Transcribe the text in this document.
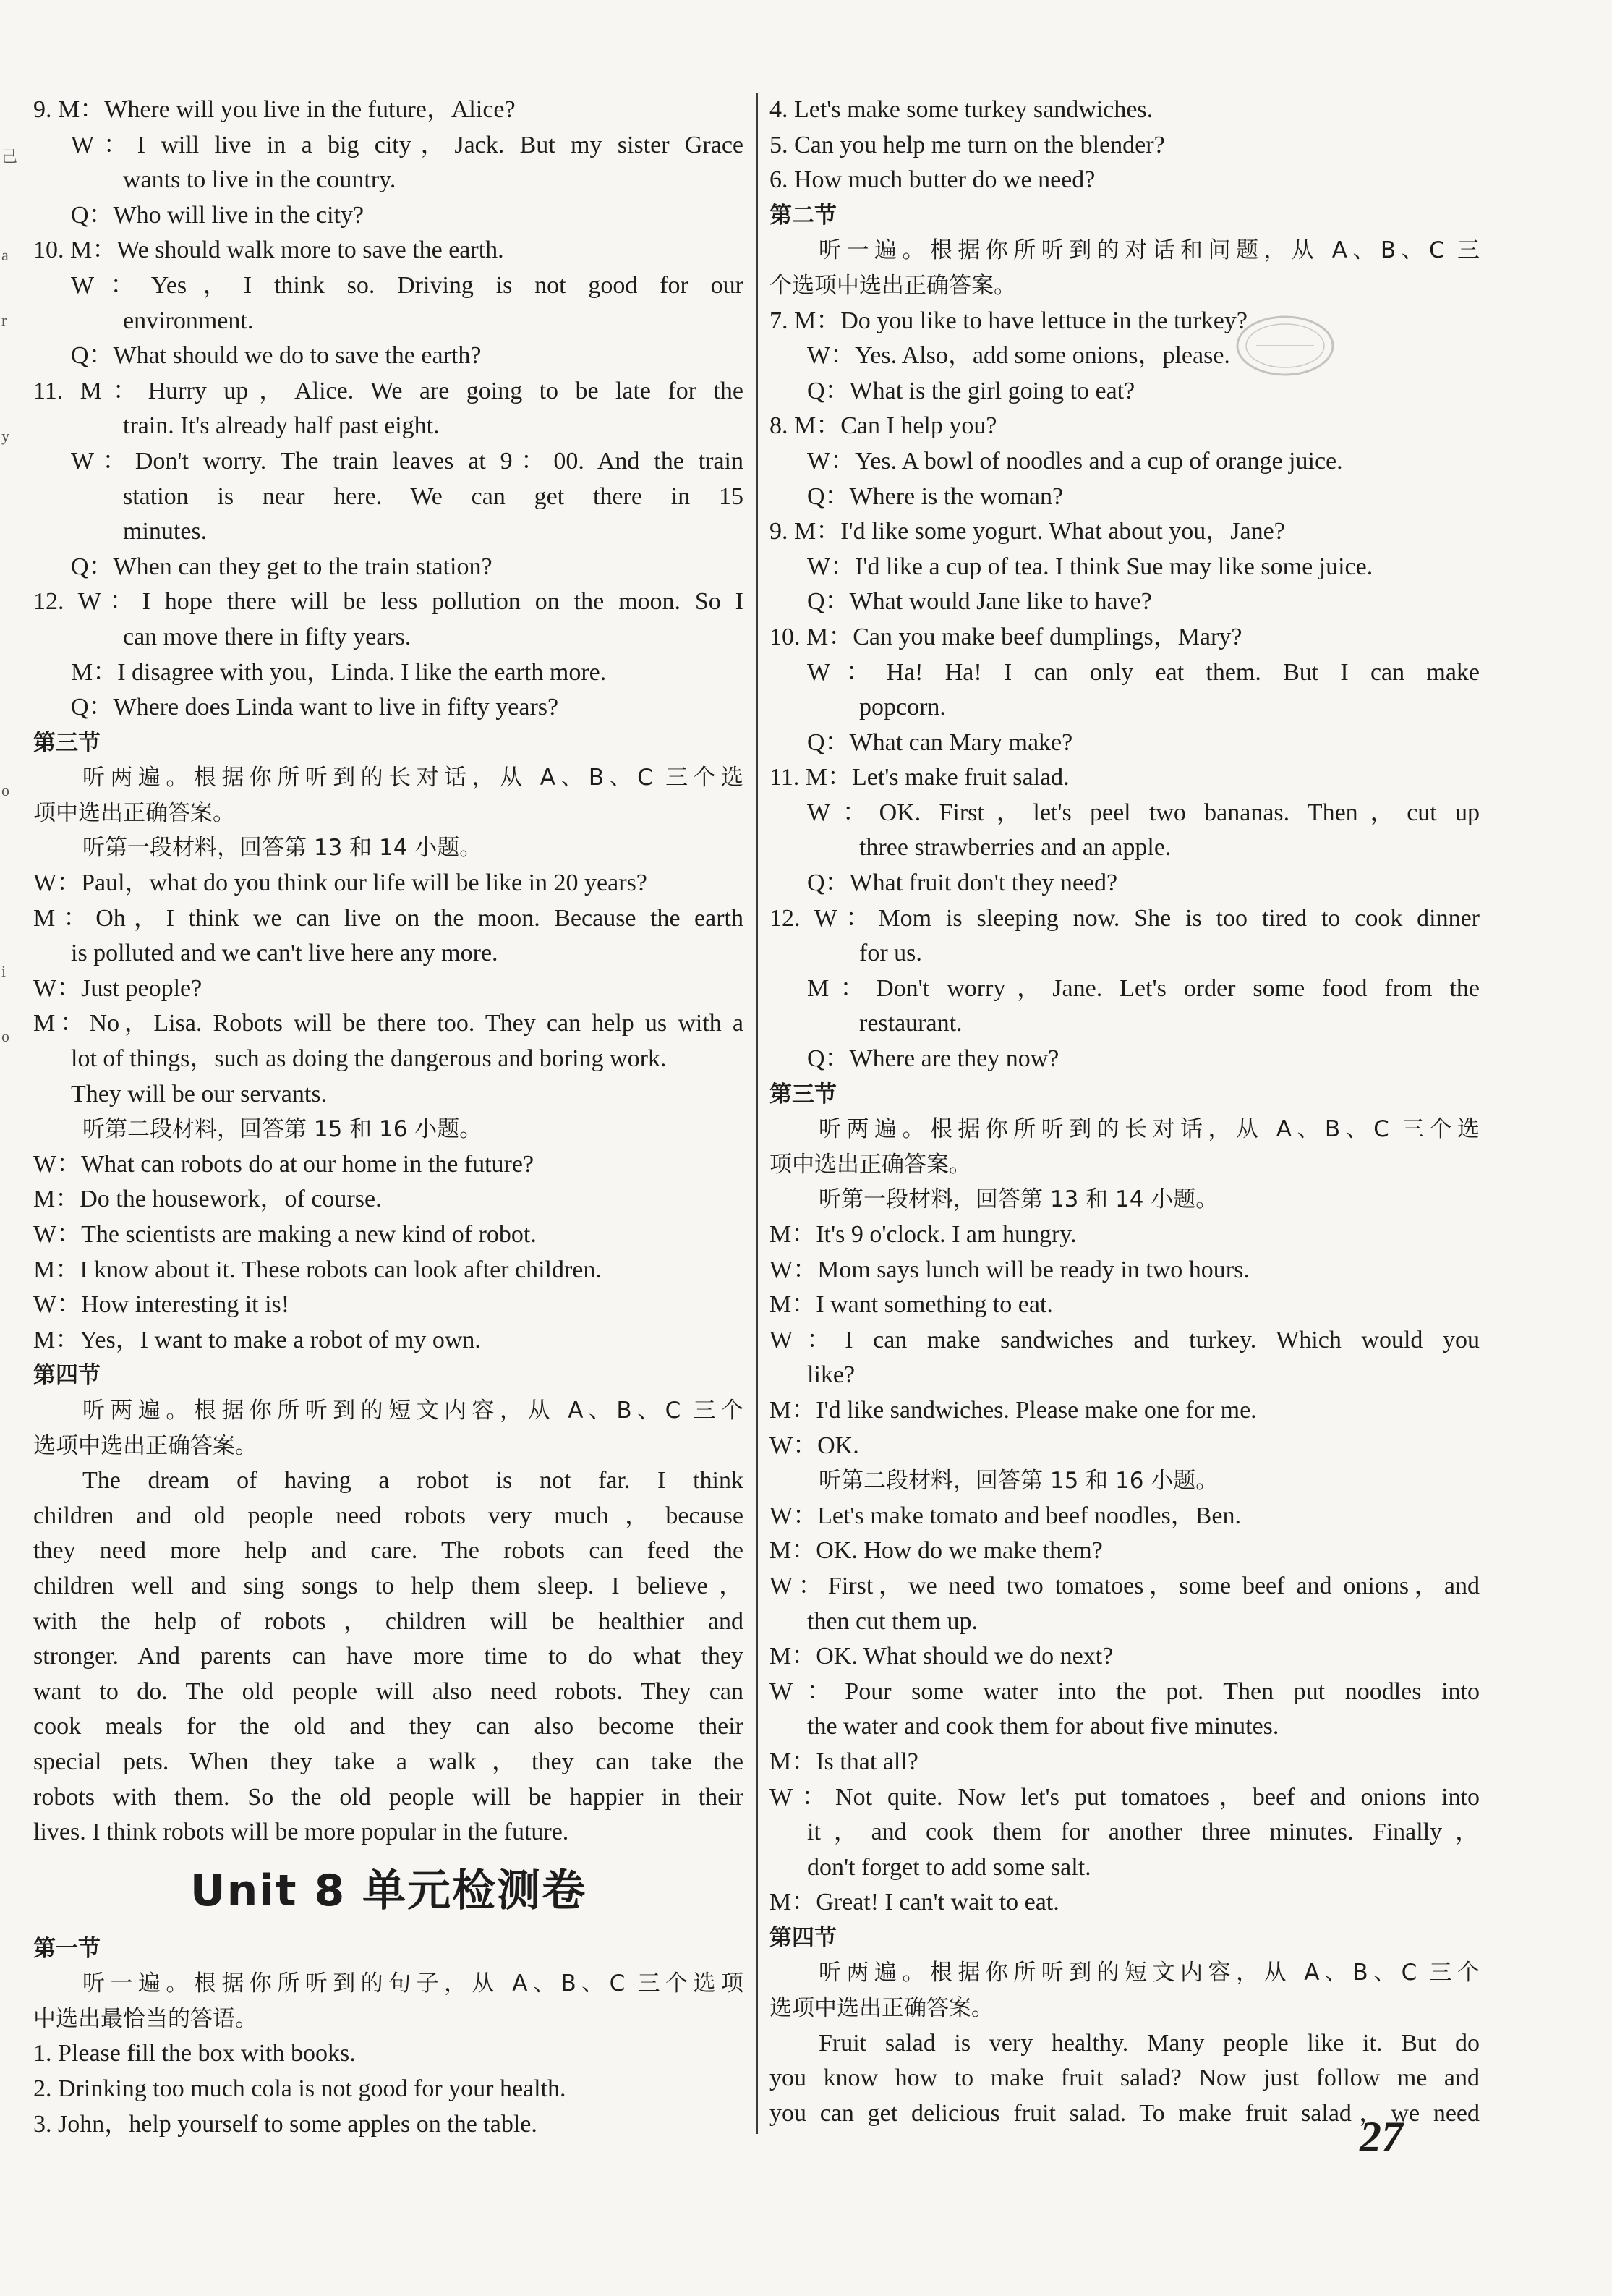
9. M：Where will you live in the future，Alice?
W：I will live in a big city，Jack. But my sister Grace
wants to live in the country.
Q：Who will live in the city?
10. M：We should walk more to save the earth.
W：Yes，I think so. Driving is not good for our
environment.
Q：What should we do to save the earth?
11. M：Hurry up，Alice. We are going to be late for the
train. It's already half past eight.
W：Don't worry. The train leaves at 9：00. And the train
station is near here. We can get there in 15
minutes.
Q：When can they get to the train station?
12. W：I hope there will be less pollution on the moon. So I
can move there in fifty years.
M：I disagree with you，Linda. I like the earth more.
Q：Where does Linda want to live in fifty years?
第三节
听两遍。根据你所听到的长对话，从 A、B、C 三个选
项中选出正确答案。
听第一段材料，回答第 13 和 14 小题。
W：Paul，what do you think our life will be like in 20 years?
M：Oh，I think we can live on the moon. Because the earth
is polluted and we can't live here any more.
W：Just people?
M：No，Lisa. Robots will be there too. They can help us with a
lot of things，such as doing the dangerous and boring work.
They will be our servants.
听第二段材料，回答第 15 和 16 小题。
W：What can robots do at our home in the future?
M：Do the housework，of course.
W：The scientists are making a new kind of robot.
M：I know about it. These robots can look after children.
W：How interesting it is!
M：Yes，I want to make a robot of my own.
第四节
听两遍。根据你所听到的短文内容，从 A、B、C 三个
选项中选出正确答案。
The dream of having a robot is not far. I think
children and old people need robots very much，because
they need more help and care. The robots can feed the
children well and sing songs to help them sleep. I believe，
with the help of robots，children will be healthier and
stronger. And parents can have more time to do what they
want to do. The old people will also need robots. They can
cook meals for the old and they can also become their
special pets. When they take a walk，they can take the
robots with them. So the old people will be happier in their
lives. I think robots will be more popular in the future.
Unit 8 单元检测卷
第一节
听一遍。根据你所听到的句子，从 A、B、C 三个选项
中选出最恰当的答语。
1. Please fill the box with books.
2. Drinking too much cola is not good for your health.
3. John，help yourself to some apples on the table.
4. Let's make some turkey sandwiches.
5. Can you help me turn on the blender?
6. How much butter do we need?
第二节
听一遍。根据你所听到的对话和问题，从 A、B、C 三
个选项中选出正确答案。
7. M：Do you like to have lettuce in the turkey?
W：Yes. Also，add some onions，please.
Q：What is the girl going to eat?
8. M：Can I help you?
W：Yes. A bowl of noodles and a cup of orange juice.
Q：Where is the woman?
9. M：I'd like some yogurt. What about you，Jane?
W：I'd like a cup of tea. I think Sue may like some juice.
Q：What would Jane like to have?
10. M：Can you make beef dumplings，Mary?
W：Ha! Ha! I can only eat them. But I can make
popcorn.
Q：What can Mary make?
11. M：Let's make fruit salad.
W：OK. First，let's peel two bananas. Then，cut up
three strawberries and an apple.
Q：What fruit don't they need?
12. W：Mom is sleeping now. She is too tired to cook dinner
for us.
M：Don't worry，Jane. Let's order some food from the
restaurant.
Q：Where are they now?
第三节
听两遍。根据你所听到的长对话，从 A、B、C 三个选
项中选出正确答案。
听第一段材料，回答第 13 和 14 小题。
M：It's 9 o'clock. I am hungry.
W：Mom says lunch will be ready in two hours.
M：I want something to eat.
W：I can make sandwiches and turkey. Which would you
like?
M：I'd like sandwiches. Please make one for me.
W：OK.
听第二段材料，回答第 15 和 16 小题。
W：Let's make tomato and beef noodles，Ben.
M：OK. How do we make them?
W：First，we need two tomatoes，some beef and onions，and
then cut them up.
M：OK. What should we do next?
W：Pour some water into the pot. Then put noodles into
the water and cook them for about five minutes.
M：Is that all?
W：Not quite. Now let's put tomatoes，beef and onions into
it，and cook them for another three minutes. Finally，
don't forget to add some salt.
M：Great! I can't wait to eat.
第四节
听两遍。根据你所听到的短文内容，从 A、B、C 三个
选项中选出正确答案。
Fruit salad is very healthy. Many people like it. But do
you know how to make fruit salad? Now just follow me and
you can get delicious fruit salad. To make fruit salad，we need
27
己
a
r
y
o
i
o
